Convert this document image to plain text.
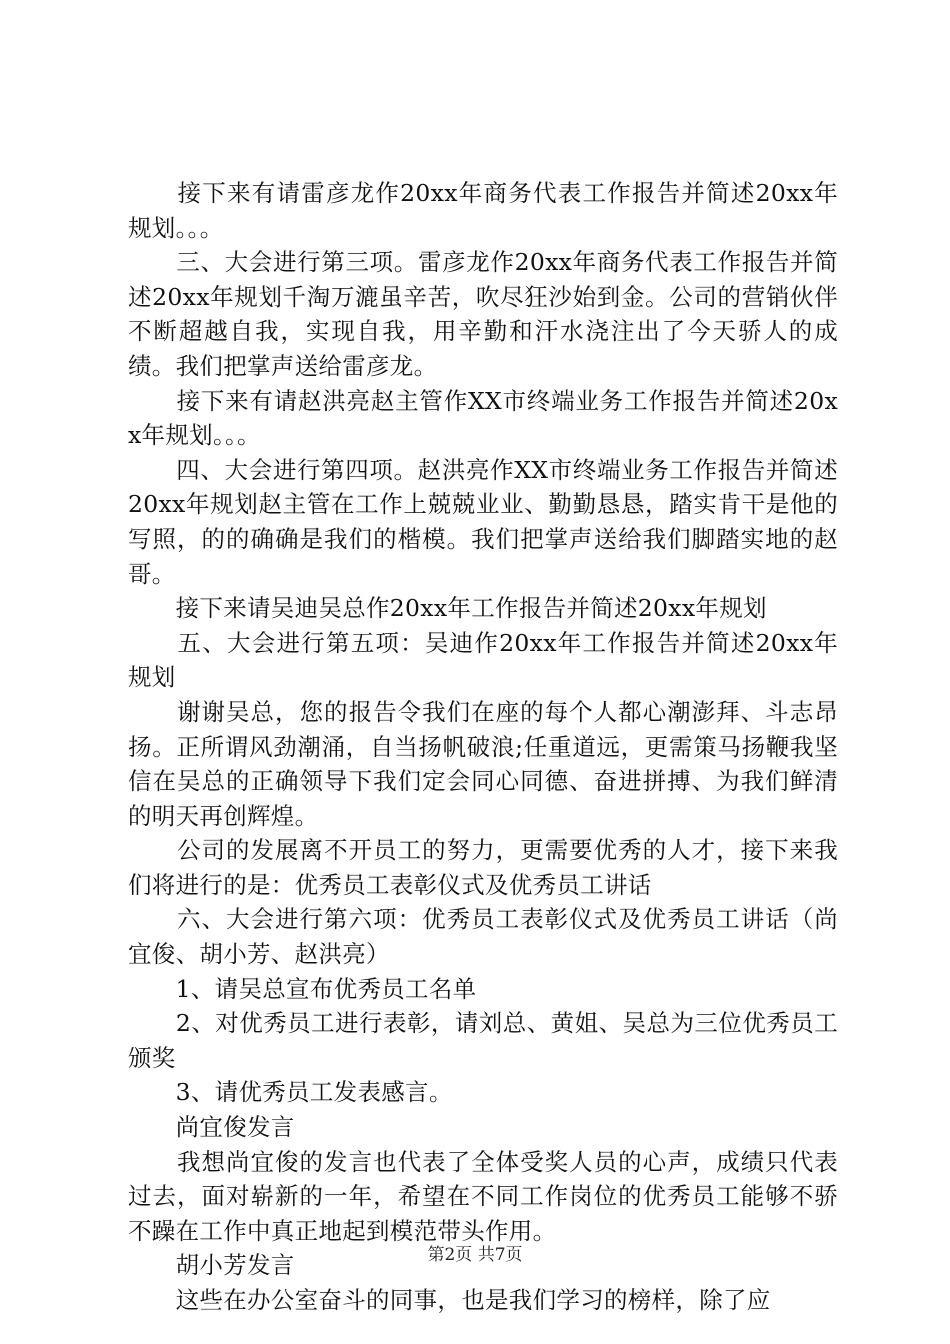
　　接下来有请雷彦龙作20xx年商务代表工作报告并简述20xx年规划。。。

　　三、大会进行第三项。雷彦龙作20xx年商务代表工作报告并简述20xx年规划千淘万漉虽辛苦，吹尽狂沙始到金。公司的营销伙伴不断超越自我，实现自我，用辛勤和汗水浇注出了今天骄人的成绩。我们把掌声送给雷彦龙。

　　接下来有请赵洪亮赵主管作XX市终端业务工作报告并简述20xx年规划。。。

　　四、大会进行第四项。赵洪亮作XX市终端业务工作报告并简述20xx年规划赵主管在工作上兢兢业业、勤勤恳恳，踏实肯干是他的写照，的的确确是我们的楷模。我们把掌声送给我们脚踏实地的赵哥。

　　接下来请吴迪吴总作20xx年工作报告并简述20xx年规划

　　五、大会进行第五项：吴迪作20xx年工作报告并简述20xx年规划

　　谢谢吴总，您的报告令我们在座的每个人都心潮澎拜、斗志昂扬。正所谓风劲潮涌，自当扬帆破浪;任重道远，更需策马扬鞭我坚信在吴总的正确领导下我们定会同心同德、奋进拼搏、为我们鲜清的明天再创辉煌。

　　公司的发展离不开员工的努力，更需要优秀的人才，接下来我们将进行的是：优秀员工表彰仪式及优秀员工讲话

　　六、大会进行第六项：优秀员工表彰仪式及优秀员工讲话（尚宜俊、胡小芳、赵洪亮）

　　1、请吴总宣布优秀员工名单

　　2、对优秀员工进行表彰，请刘总、黄姐、吴总为三位优秀员工颁奖

　　3、请优秀员工发表感言。

　　尚宜俊发言

　　我想尚宜俊的发言也代表了全体受奖人员的心声，成绩只代表过去，面对崭新的一年，希望在不同工作岗位的优秀员工能够不骄不躁在工作中真正地起到模范带头作用。

　　胡小芳发言

　　这些在办公室奋斗的同事，也是我们学习的榜样，除了应

第2页 共7页
